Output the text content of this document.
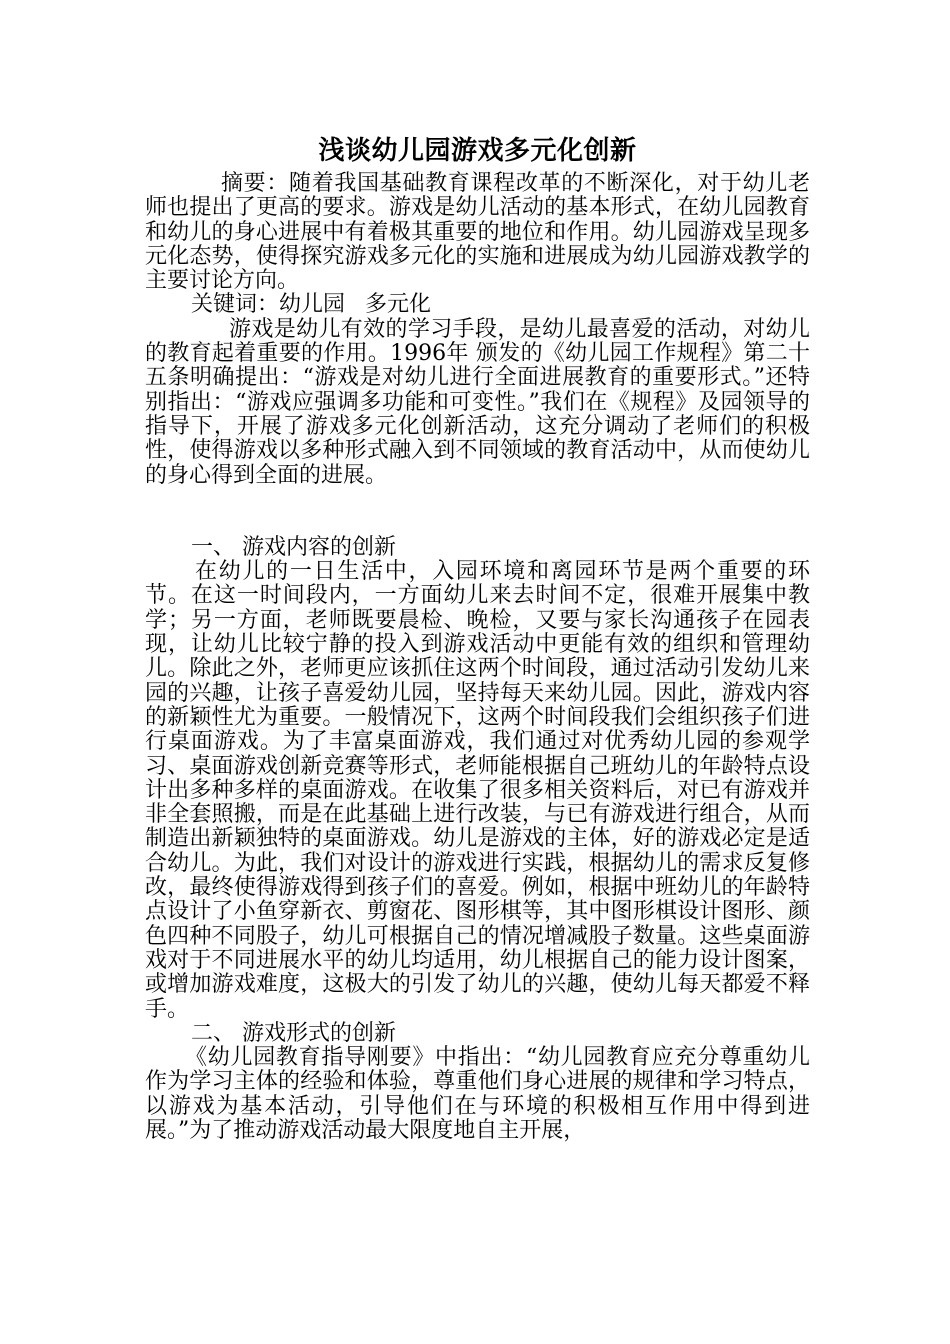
浅谈幼儿园游戏多元化创新

摘要：随着我国基础教育课程改革的不断深化，对于幼儿老师也提出了更高的要求。游戏是幼儿活动的基本形式，在幼儿园教育和幼儿的身心进展中有着极其重要的地位和作用。幼儿园游戏呈现多元化态势，使得探究游戏多元化的实施和进展成为幼儿园游戏教学的主要讨论方向。

关键词：幼儿园 多元化

游戏是幼儿有效的学习手段，是幼儿最喜爱的活动，对幼儿的教育起着重要的作用。1996年 颁发的《幼儿园工作规程》第二十五条明确提出：“游戏是对幼儿进行全面进展教育的重要形式。”还特别指出：“游戏应强调多功能和可变性。”我们在《规程》及园领导的指导下，开展了游戏多元化创新活动，这充分调动了老师们的积极性，使得游戏以多种形式融入到不同领域的教育活动中，从而使幼儿的身心得到全面的进展。

一、 游戏内容的创新

在幼儿的一日生活中，入园环境和离园环节是两个重要的环节。在这一时间段内，一方面幼儿来去时间不定，很难开展集中教学；另一方面，老师既要晨检、晚检，又要与家长沟通孩子在园表现，让幼儿比较宁静的投入到游戏活动中更能有效的组织和管理幼儿。除此之外，老师更应该抓住这两个时间段，通过活动引发幼儿来园的兴趣，让孩子喜爱幼儿园，坚持每天来幼儿园。因此，游戏内容的新颖性尤为重要。一般情况下，这两个时间段我们会组织孩子们进行桌面游戏。为了丰富桌面游戏，我们通过对优秀幼儿园的参观学习、桌面游戏创新竞赛等形式，老师能根据自己班幼儿的年龄特点设计出多种多样的桌面游戏。在收集了很多相关资料后，对已有游戏并非全套照搬，而是在此基础上进行改装，与已有游戏进行组合，从而制造出新颖独特的桌面游戏。幼儿是游戏的主体，好的游戏必定是适合幼儿。为此，我们对设计的游戏进行实践，根据幼儿的需求反复修改，最终使得游戏得到孩子们的喜爱。例如，根据中班幼儿的年龄特点设计了小鱼穿新衣、剪窗花、图形棋等，其中图形棋设计图形、颜色四种不同股子，幼儿可根据自己的情况增减股子数量。这些桌面游戏对于不同进展水平的幼儿均适用，幼儿根据自己的能力设计图案，或增加游戏难度，这极大的引发了幼儿的兴趣，使幼儿每天都爱不释手。

二、 游戏形式的创新

《幼儿园教育指导刚要》中指出：“幼儿园教育应充分尊重幼儿作为学习主体的经验和体验，尊重他们身心进展的规律和学习特点，以游戏为基本活动，引导他们在与环境的积极相互作用中得到进展。”为了推动游戏活动最大限度地自主开展，
